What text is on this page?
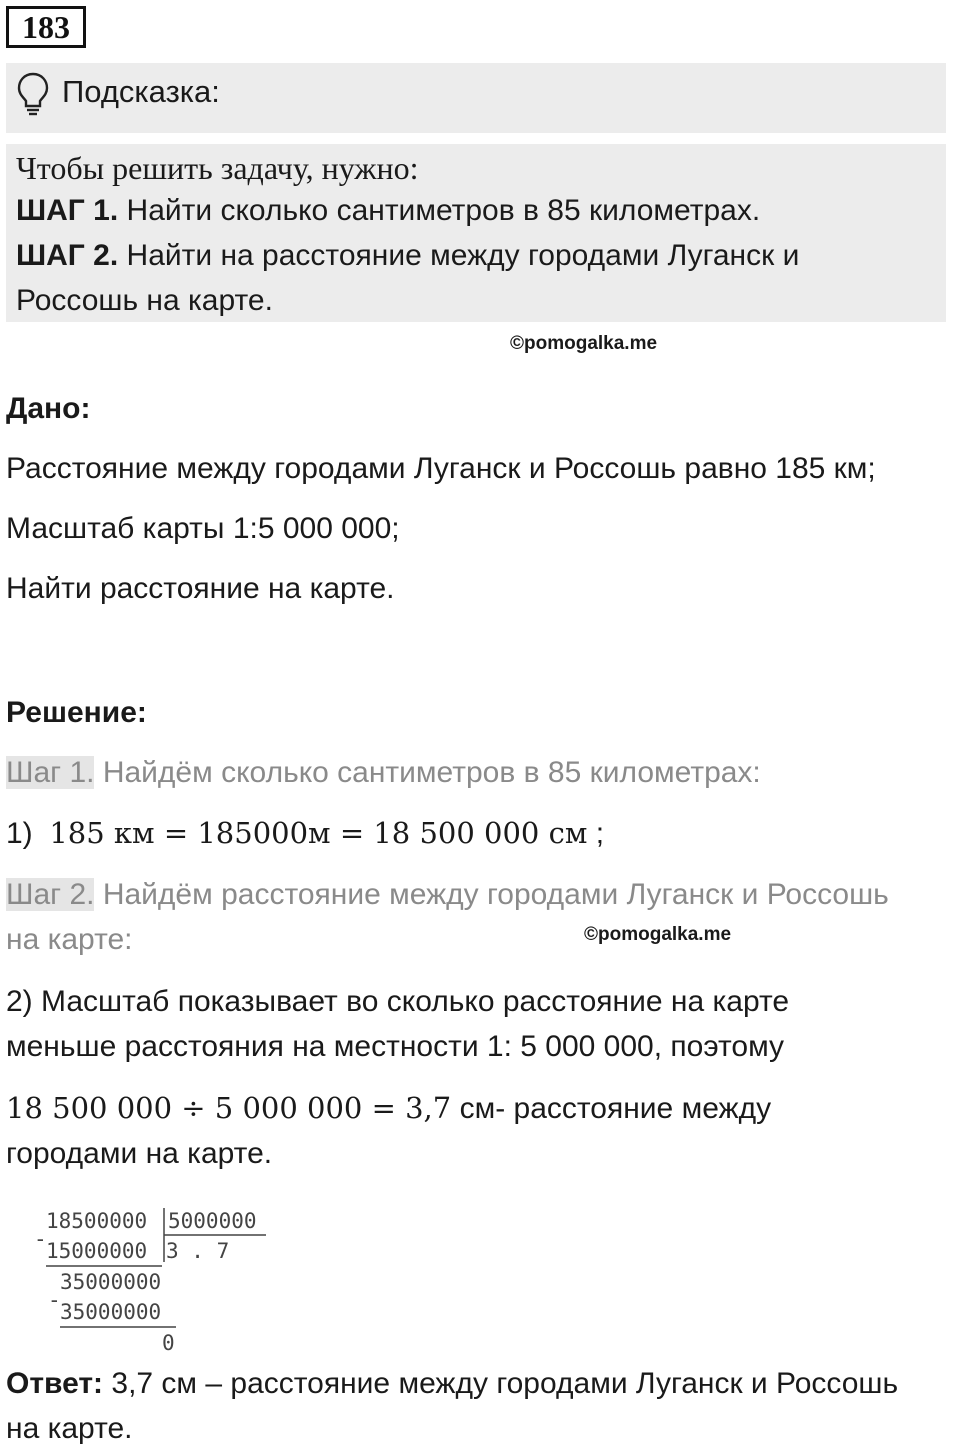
183
Подсказка:
Чтобы решить задачу, нужно:
ШАГ 1. Найти сколько сантиметров в 85 километрах.
ШАГ 2. Найти на расстояние между городами Луганск и
Россошь на карте.
©pomogalka.me
Дано:
Расстояние между городами Луганск и Россошь равно 185 км;
Масштаб карты 1:5 000 000;
Найти расстояние на карте.
Решение:
Шаг 1. Найдём сколько сантиметров в 85 километрах:
1)  185 км = 185000м = 18 500 000 см ;
Шаг 2. Найдём расстояние между городами Луганск и Россошь
на карте:	©pomogalka.me
2) Масштаб показывает во сколько расстояние на карте
меньше расстояния на местности 1: 5 000 000, поэтому
18 500 000 ÷ 5 000 000 = 3,7 см- расстояние между
городами на карте.
18500000 5000000
- 15000000 3 . 7
35000000
- 35000000
0
Ответ: 3,7 см – расстояние между городами Луганск и Россошь
на карте.
